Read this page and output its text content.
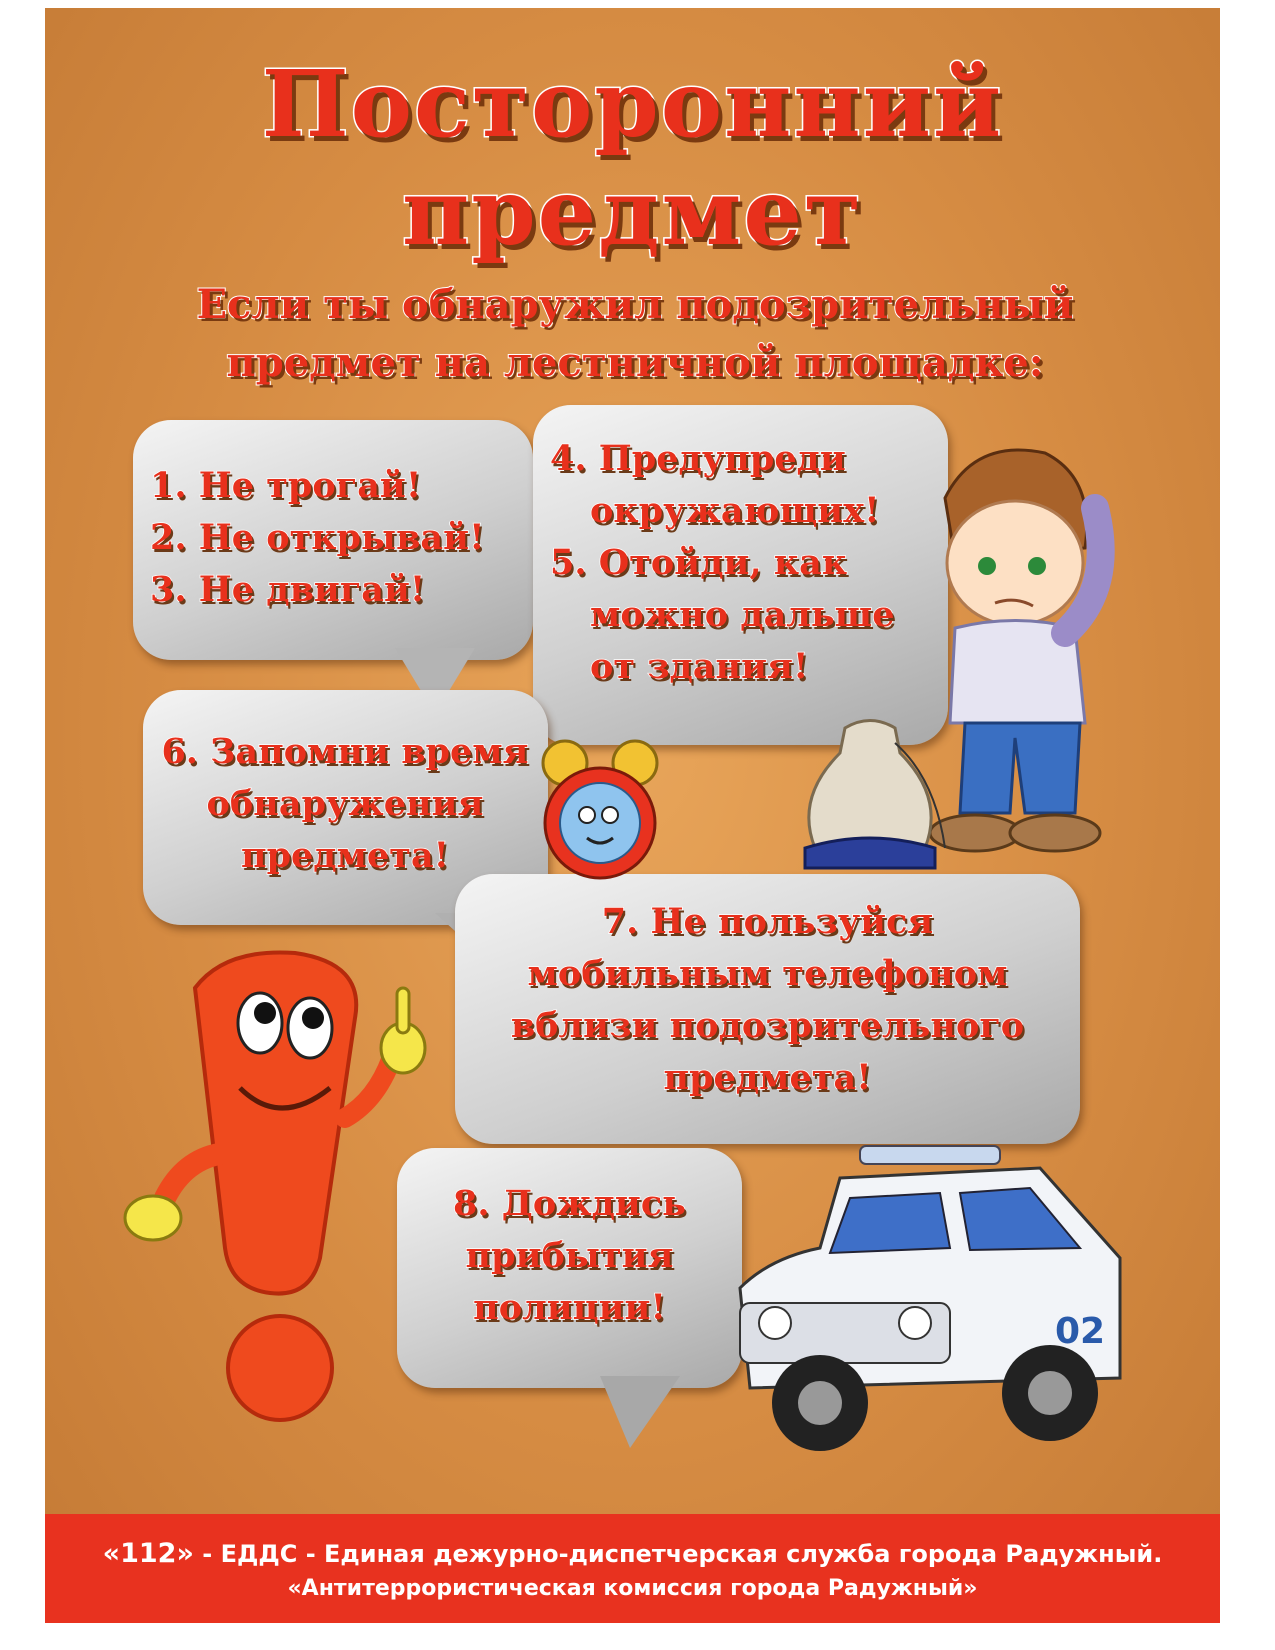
Посторонний
предмет
Если ты обнаружил подозрительный
предмет на лестничной площадке:
1. Не трогай!
2. Не открывай!
3. Не двигай!
4. Предупреди
окружающих!
5. Отойди, как
можно дальше
от здания!
6. Запомни время
обнаружения
предмета!
7. Не пользуйся
мобильным телефоном
вблизи подозрительного
предмета!
8. Дождись
прибытия
полиции!
02
«112» - ЕДДС - Единая дежурно-диспетчерская служба города Радужный.
«Антитеррористическая комиссия города Радужный»
